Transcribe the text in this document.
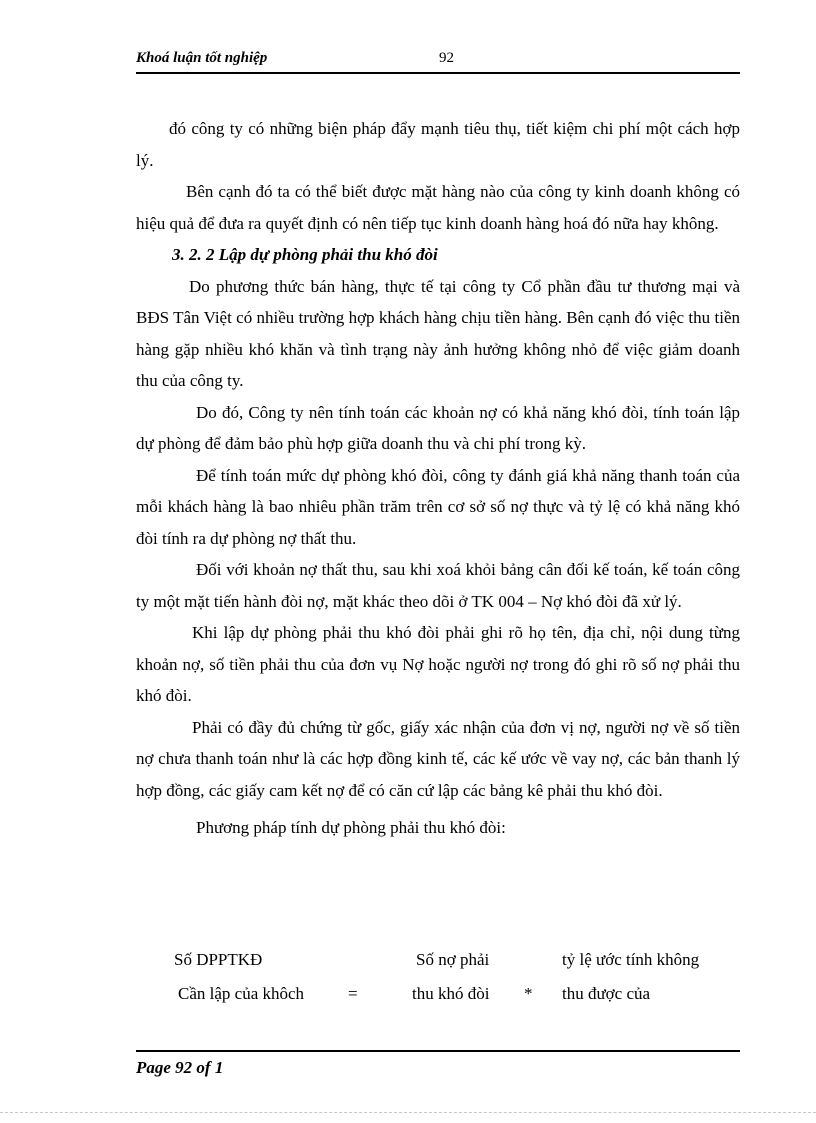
Khoá luận tốt nghiệp	92

đó công ty có những biện pháp đẩy mạnh tiêu thụ, tiết kiệm chi phí một cách hợp lý.

Bên cạnh đó ta có thể biết được mặt hàng nào của công ty kinh doanh không có hiệu quả để đưa ra quyết định có nên tiếp tục kinh doanh hàng hoá đó nữa hay không.

3. 2. 2 Lập dự phòng phải thu khó đòi

Do phương thức bán hàng, thực tế tại công ty Cổ phần đầu tư thương mại và BĐS Tân Việt có nhiều trường hợp khách hàng chịu tiền hàng. Bên cạnh đó việc thu tiền hàng gặp nhiều khó khăn và tình trạng này ảnh hưởng không nhỏ để việc giảm doanh thu của công ty.

Do đó, Công ty nên tính toán các khoản nợ có khả năng khó đòi, tính toán lập dự phòng để đảm bảo phù hợp giữa doanh thu và chi phí trong kỳ.

Để tính toán mức dự phòng khó đòi, công ty đánh giá khả năng thanh toán của mỗi khách hàng là bao nhiêu phần trăm trên cơ sở số nợ thực và tỷ lệ có khả năng khó đòi tính ra dự phòng nợ thất thu.

Đối với khoản nợ thất thu, sau khi xoá khỏi bảng cân đối kế toán, kế toán công ty một mặt tiến hành đòi nợ, mặt khác theo dõi ở TK 004 – Nợ khó đòi đã xử lý.

Khi lập dự phòng phải thu khó đòi phải ghi rõ họ tên, địa chỉ, nội dung từng khoản nợ, số tiền phải thu của đơn vụ Nợ hoặc người nợ trong đó ghi rõ số nợ phải thu khó đòi.

Phải có đầy đủ chứng từ gốc, giấy xác nhận của đơn vị nợ, người nợ về số tiền nợ chưa thanh toán như là các hợp đồng kinh tế, các kế ước về vay nợ, các bản thanh lý hợp đồng, các giấy cam kết nợ để có căn cứ lập các bảng kê phải thu khó đòi.

Phương pháp tính dự phòng phải thu khó đòi:

Số DPPTKĐ	Số nợ phải	tỷ lệ ước tính không
Cần lập của khôch	=	thu khó đòi * thu được của
Page 92 of 1
